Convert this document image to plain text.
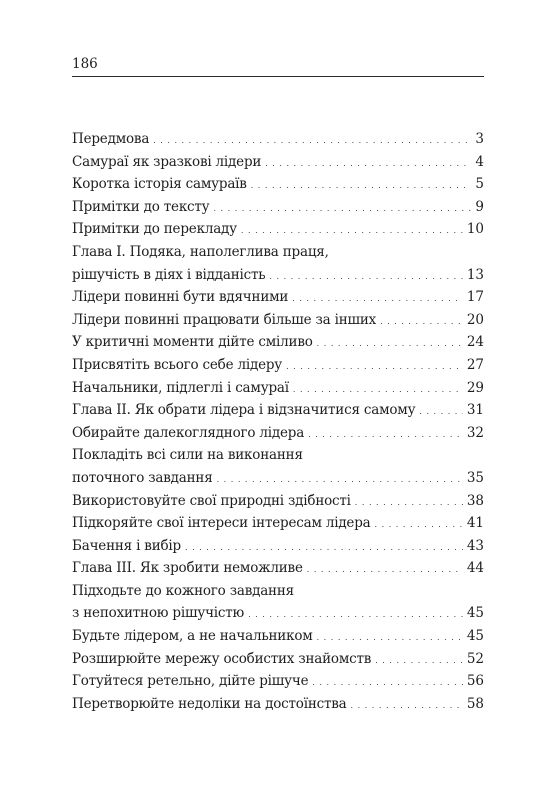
186
Передмова . . .	3
Самураї як зразкові лідери . . .	4
Коротка історія самураїв . . .	5
Примітки до тексту . . .	9
Примітки до перекладу . . .	10
Глава І. Подяка, наполеглива праця,
рішучість в діях і відданість . . .	13
Лідери повинні бути вдячними . . .	17
Лідери повинні працювати більше за інших . . .	20
У критичні моменти дійте сміливо . . .	24
Присвятіть всього себе лідеру . . .	27
Начальники, підлеглі і самураї . . .	29
Глава ІІ. Як обрати лідера і відзначитися самому . . .	31
Обирайте далекоглядного лідера . . .	32
Покладіть всі сили на виконання
поточного завдання . . .	35
Використовуйте свої природні здібності . . .	38
Підкоряйте свої інтереси інтересам лідера . . .	41
Бачення і вибір . . .	43
Глава ІІІ. Як зробити неможливе . . .	44
Підходьте до кожного завдання
з непохитною рішучістю . . .	45
Будьте лідером, а не начальником . . .	45
Розширюйте мережу особистих знайомств . . .	52
Готуйтеся ретельно, дійте рішуче . . .	56
Перетворюйте недоліки на достоїнства . . .	58
